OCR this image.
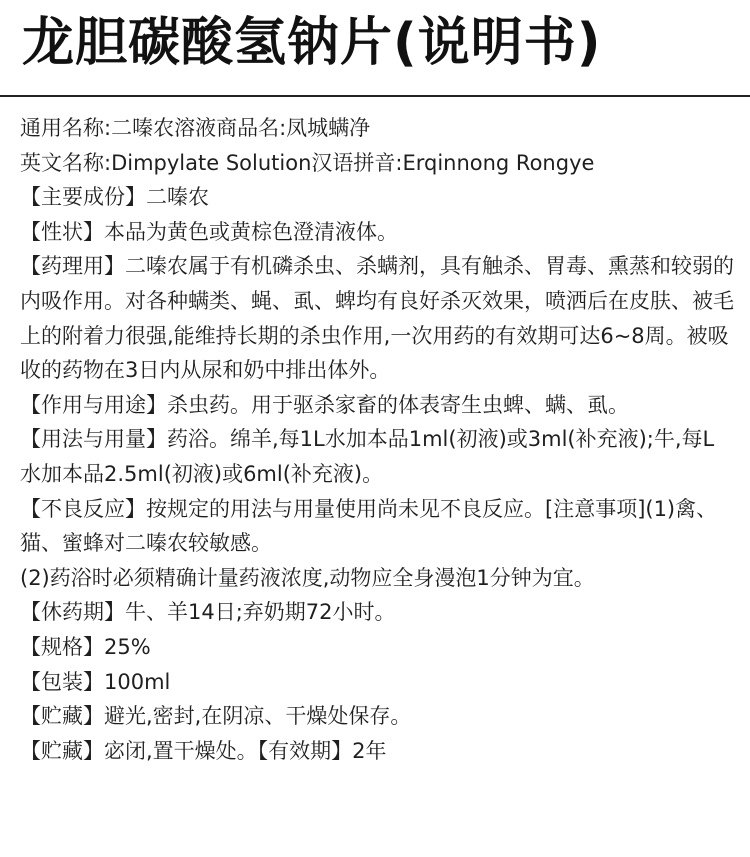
龙胆碳酸氢钠片(说明书)

通用名称:二嗪农溶液商品名:凤城螨净

英文名称:Dimpylate Solution汉语拼音:Erqinnong Rongye

【主要成份】二嗪农

【性状】本品为黄色或黄棕色澄清液体。

【药理用】二嗪农属于有机磷杀虫、杀螨剂，具有触杀、胃毒、熏蒸和较弱的内吸作用。对各种螨类、蝇、虱、蜱均有良好杀灭效果，喷洒后在皮肤、被毛上的附着力很强,能维持长期的杀虫作用,一次用药的有效期可达6~8周。被吸收的药物在3日内从尿和奶中排出体外。

【作用与用途】杀虫药。用于驱杀家畜的体表寄生虫蜱、螨、虱。

【用法与用量】药浴。绵羊,每1L水加本品1ml(初液)或3ml(补充液);牛,每L水加本品2.5ml(初液)或6ml(补充液)。

【不良反应】按规定的用法与用量使用尚未见不良反应。[注意事项](1)禽、猫、蜜蜂对二嗪农较敏感。

(2)药浴时必须精确计量药液浓度,动物应全身漫泡1分钟为宜。

【休药期】牛、羊14日;弃奶期72小时。

【规格】25%

【包装】100ml

【贮藏】避光,密封,在阴凉、干燥处保存。

【贮藏】宓闭,置干燥处。【有效期】2年
